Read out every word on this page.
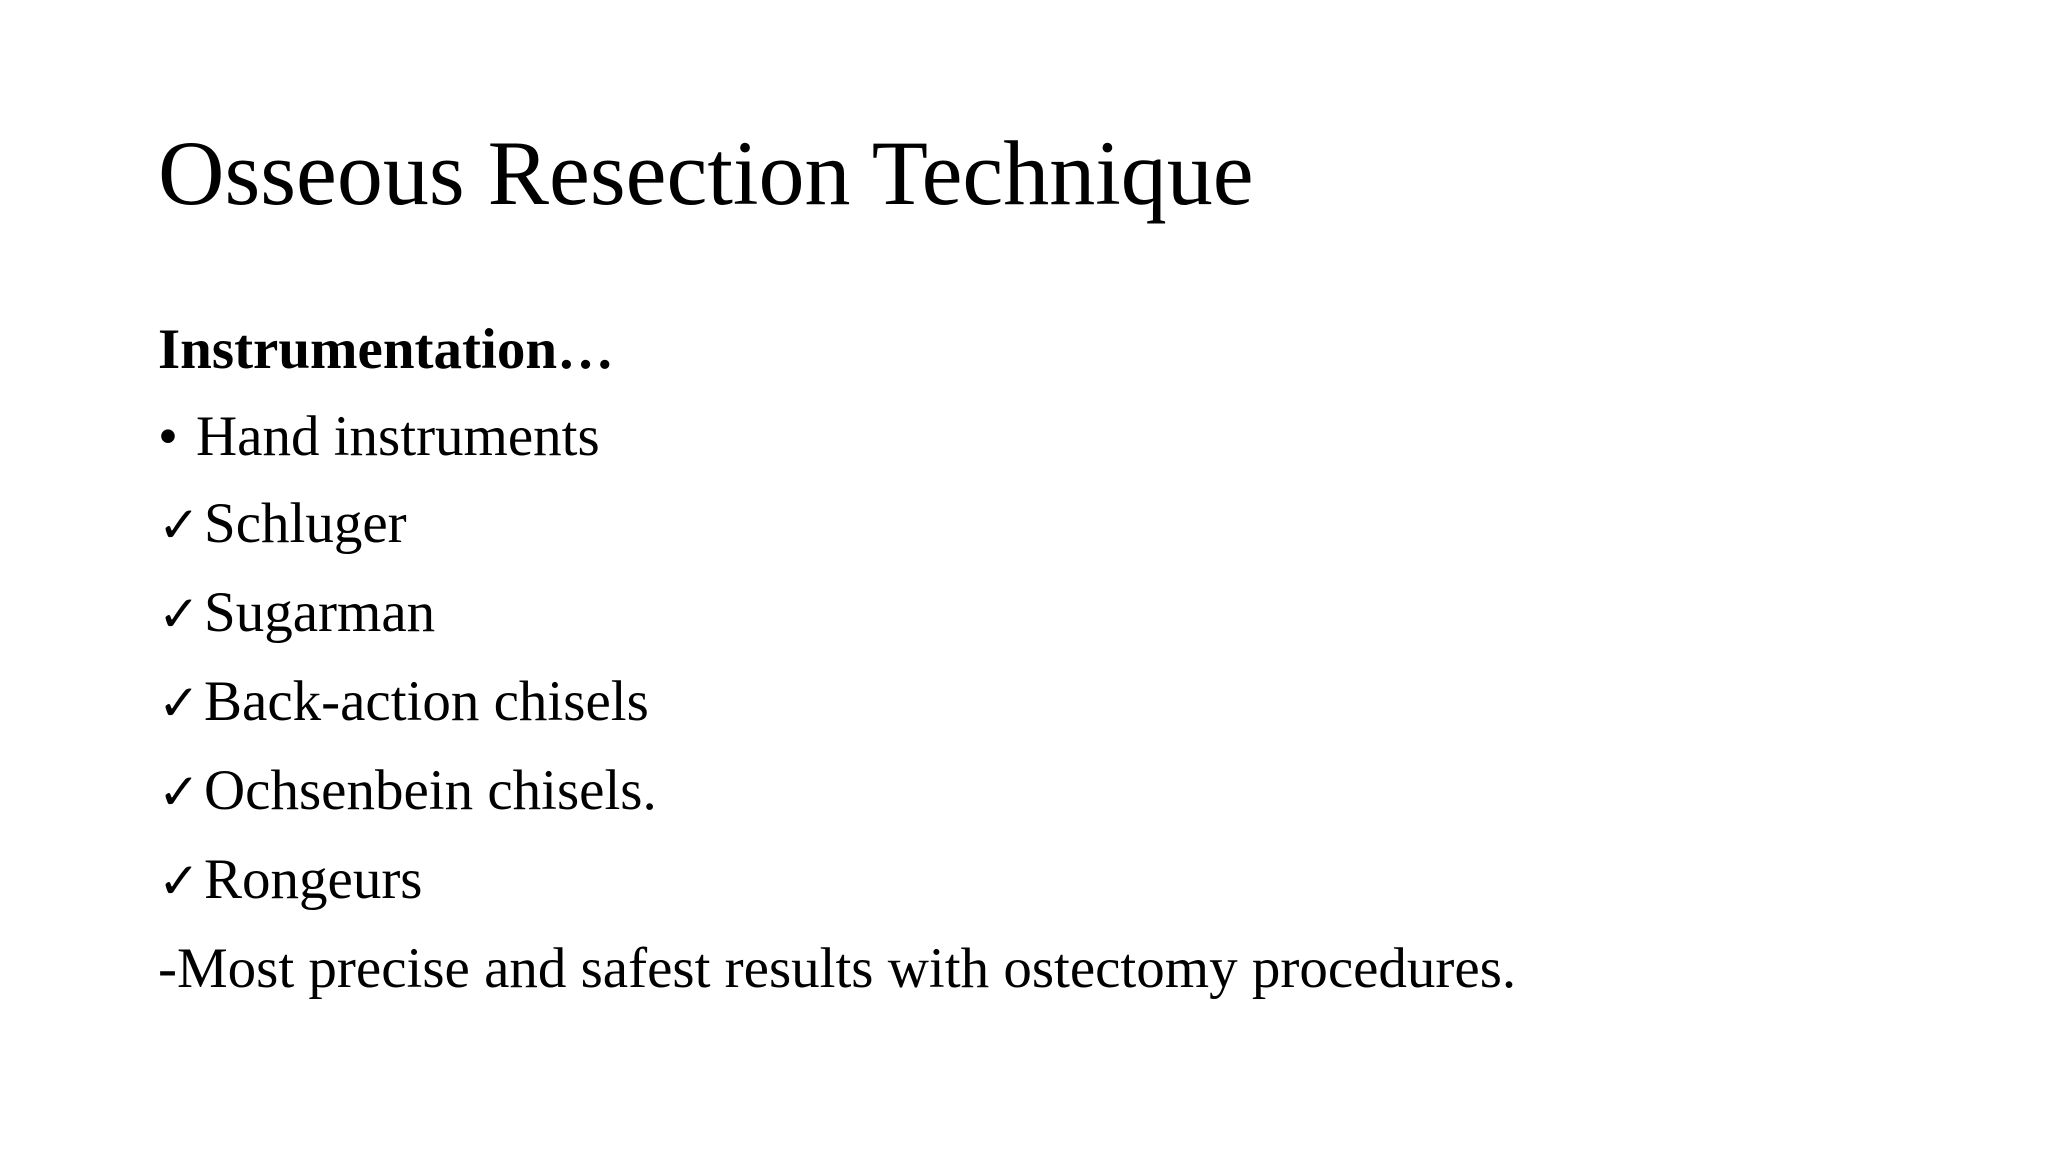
Osseous Resection Technique

Instrumentation…

• Hand instruments

✓Schluger

✓Sugarman

✓Back-action chisels

✓Ochsenbein chisels.

✓Rongeurs

-Most precise and safest results with ostectomy procedures.
